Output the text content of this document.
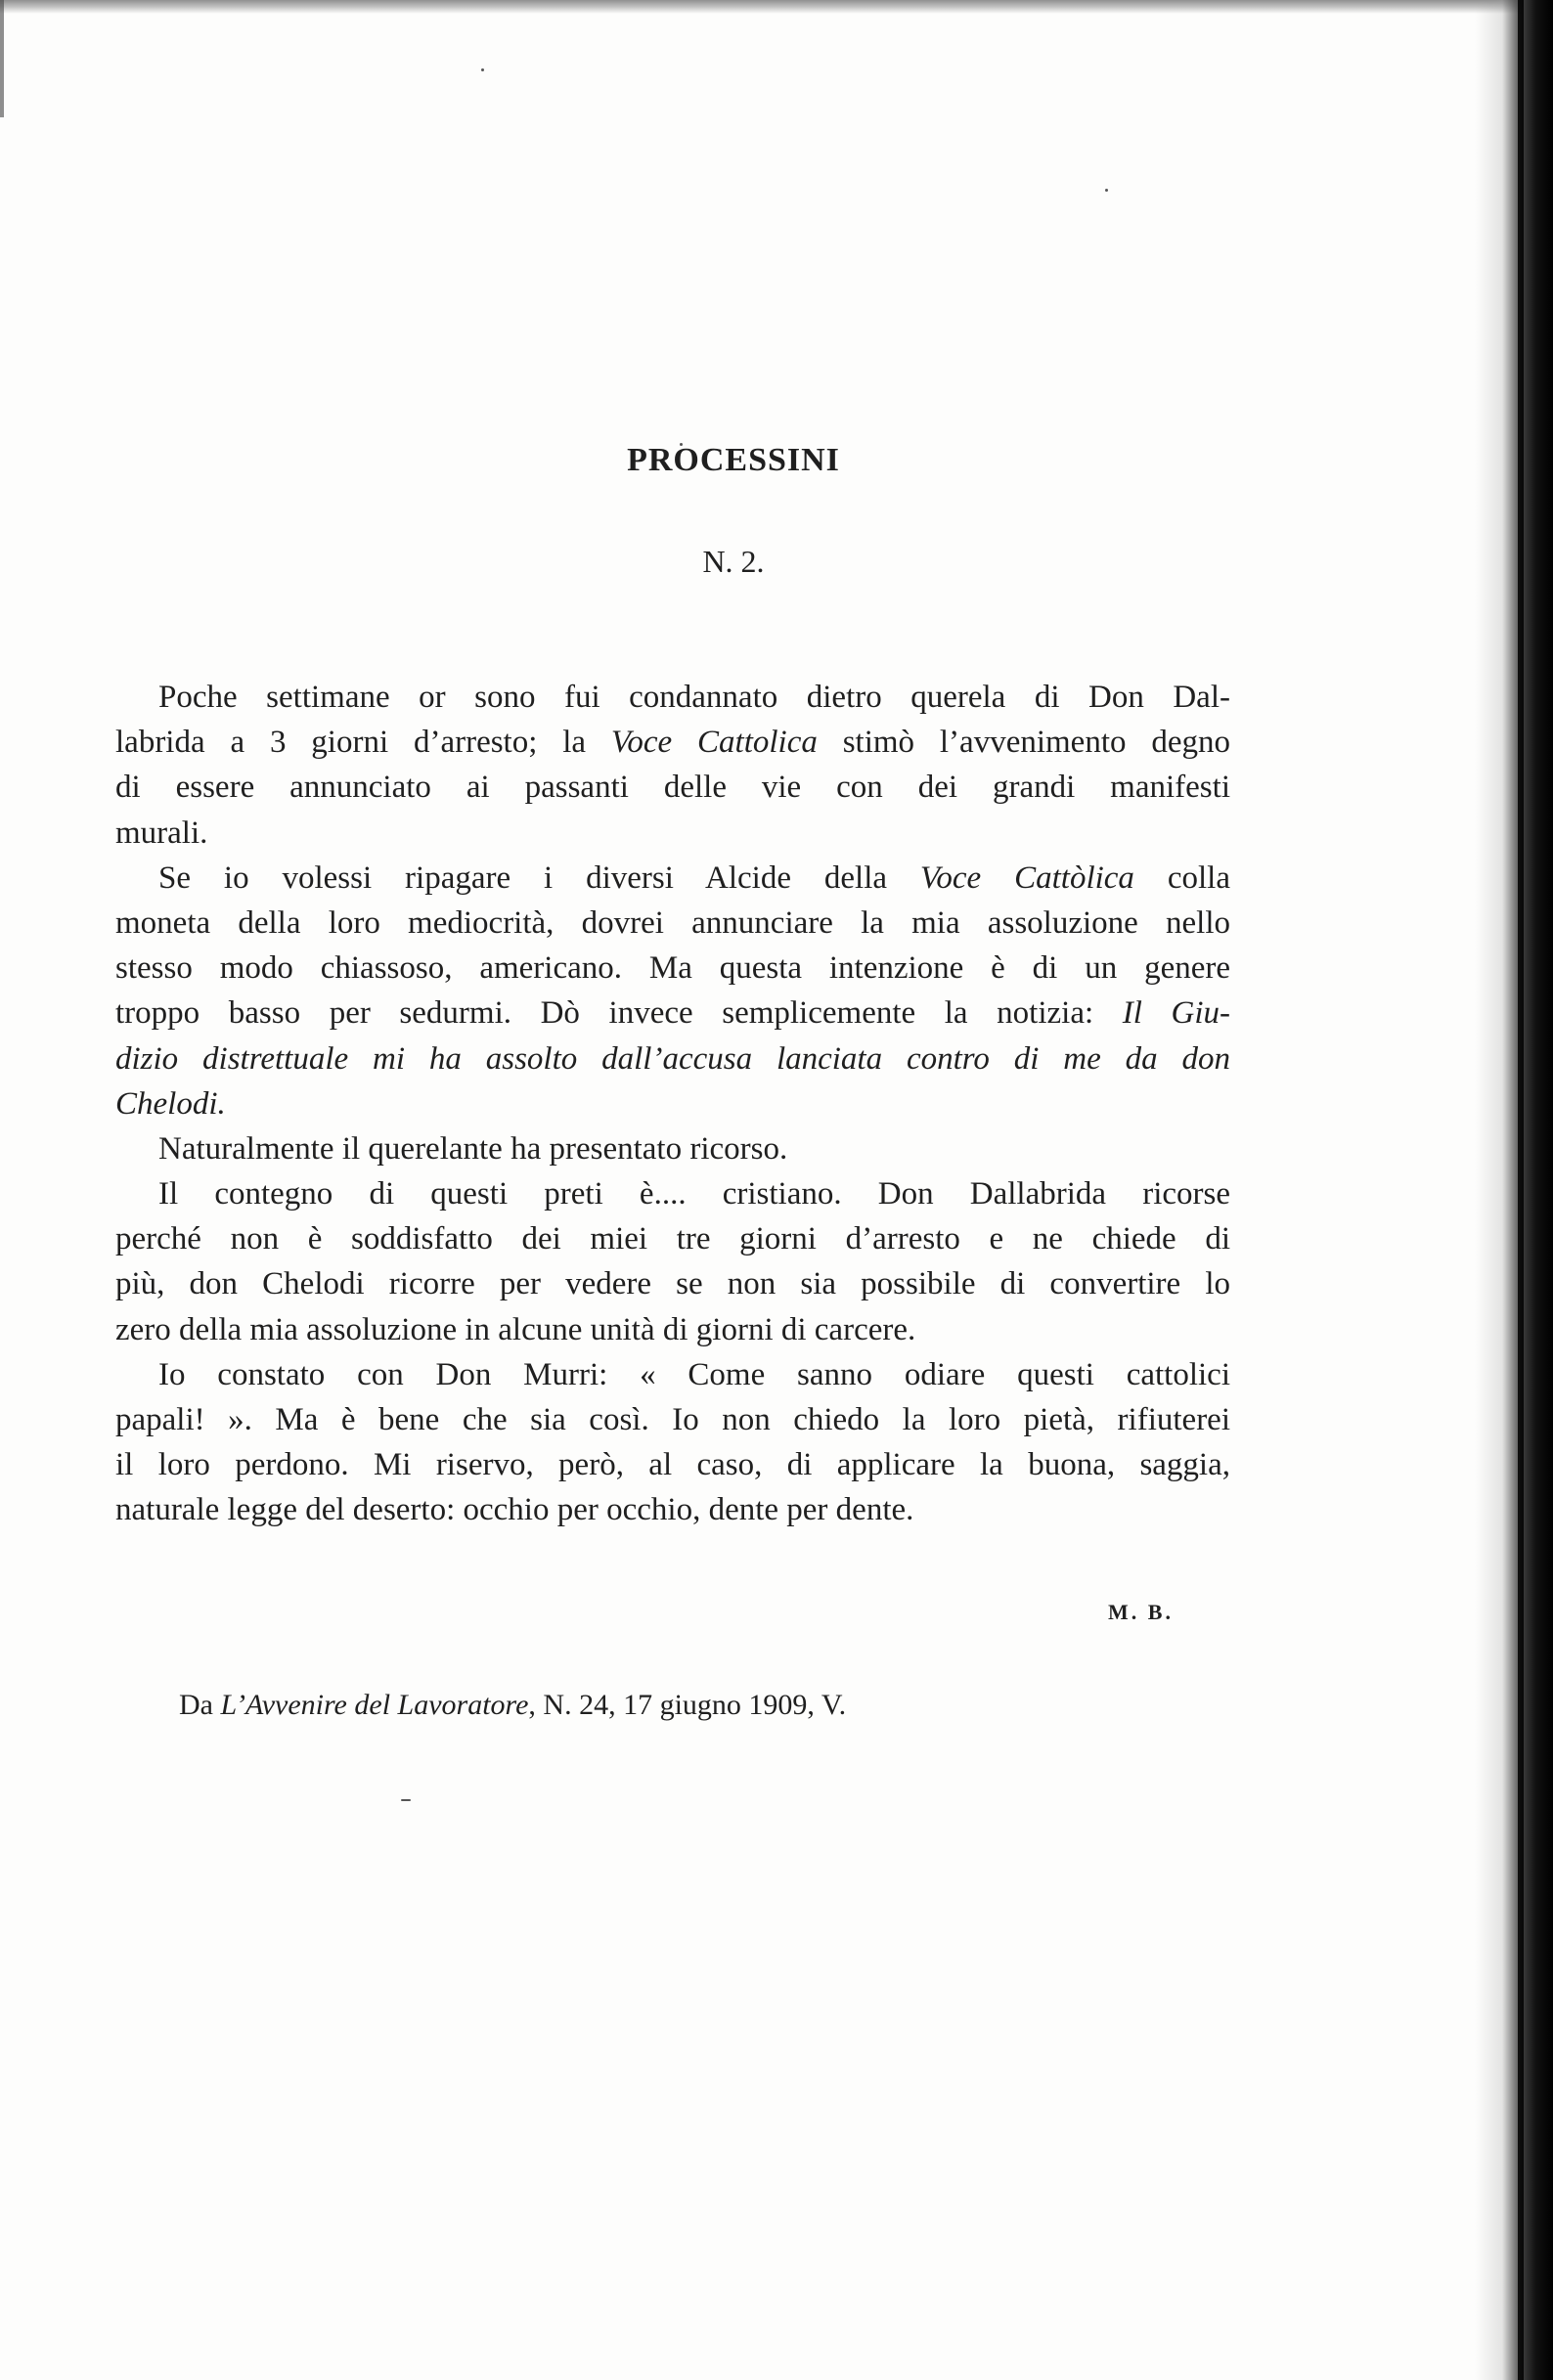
PROCESSINI
N. 2.
Poche settimane or sono fui condannato dietro querela di Don Dal-
labrida a 3 giorni d’arresto; la Voce Cattolica stimò l’avvenimento degno
di essere annunciato ai passanti delle vie con dei grandi manifesti
murali.
Se io volessi ripagare i diversi Alcide della Voce Cattòlica colla
moneta della loro mediocrità, dovrei annunciare la mia assoluzione nello
stesso modo chiassoso, americano. Ma questa intenzione è di un genere
troppo basso per sedurmi. Dò invece semplicemente la notizia: Il Giu-
dizio distrettuale mi ha assolto dall’accusa lanciata contro di me da don
Chelodi.
Naturalmente il querelante ha presentato ricorso.
Il contegno di questi preti è.... cristiano. Don Dallabrida ricorse
perché non è soddisfatto dei miei tre giorni d’arresto e ne chiede di
più, don Chelodi ricorre per vedere se non sia possibile di convertire lo
zero della mia assoluzione in alcune unità di giorni di carcere.
Io constato con Don Murri: « Come sanno odiare questi cattolici
papali! ». Ma è bene che sia così. Io non chiedo la loro pietà, rifiuterei
il loro perdono. Mi riservo, però, al caso, di applicare la buona, saggia,
naturale legge del deserto: occhio per occhio, dente per dente.
M. B.
Da L’Avvenire del Lavoratore, N. 24, 17 giugno 1909, V.
